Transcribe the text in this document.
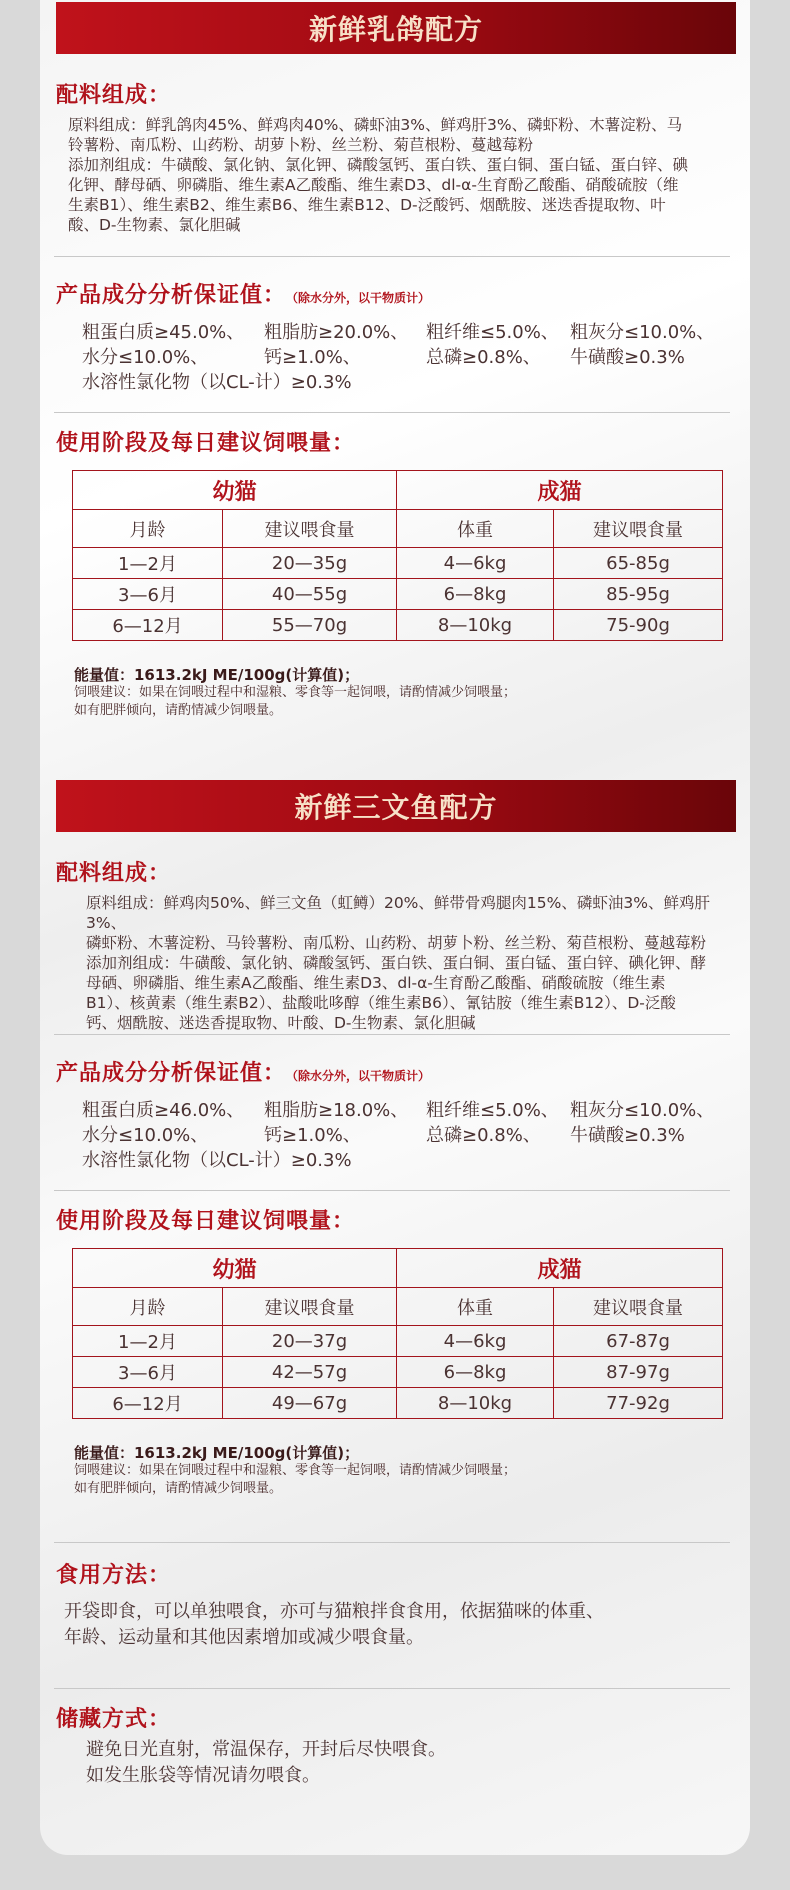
新鲜乳鸽配方
配料组成：

原料组成：鲜乳鸽肉45%、鲜鸡肉40%、磷虾油3%、鲜鸡肝3%、磷虾粉、木薯淀粉、马

铃薯粉、南瓜粉、山药粉、胡萝卜粉、丝兰粉、菊苣根粉、蔓越莓粉

添加剂组成：牛磺酸、氯化钠、氯化钾、磷酸氢钙、蛋白铁、蛋白铜、蛋白锰、蛋白锌、碘

化钾、酵母硒、卵磷脂、维生素A乙酸酯、维生素D3、dl-α-生育酚乙酸酯、硝酸硫胺（维

生素B1）、维生素B2、维生素B6、维生素B12、D-泛酸钙、烟酰胺、迷迭香提取物、叶

酸、D-生物素、氯化胆碱

产品成分分析保证值： （除水分外，以干物质计）
粗蛋白质≥45.0%、 粗脂肪≥20.0%、 粗纤维≤5.0%、 粗灰分≤10.0%、
水分≤10.0%、	钙≥1.0%、	总磷≥0.8%、 牛磺酸≥0.3%
水溶性氯化物（以CL-计）≥0.3%
使用阶段及每日建议饲喂量：
幼猫		成猫	
月龄	建议喂食量	体重	建议喂食量
1—2月	20—35g	4—6kg	65-85g
3—6月	40—55g	6—8kg	85-95g
6—12月	55—70g	8—10kg	75-90g
能量值：1613.2kJ ME/100g(计算值)；
饲喂建议：如果在饲喂过程中和湿粮、零食等一起饲喂，请酌情减少饲喂量；
如有肥胖倾向，请酌情减少饲喂量。
新鲜三文鱼配方
配料组成：

原料组成：鲜鸡肉50%、鲜三文鱼（虹鳟）20%、鲜带骨鸡腿肉15%、磷虾油3%、鲜鸡肝3%、

磷虾粉、木薯淀粉、马铃薯粉、南瓜粉、山药粉、胡萝卜粉、丝兰粉、菊苣根粉、蔓越莓粉

添加剂组成：牛磺酸、氯化钠、磷酸氢钙、蛋白铁、蛋白铜、蛋白锰、蛋白锌、碘化钾、酵

母硒、卵磷脂、维生素A乙酸酯、维生素D3、dl-α-生育酚乙酸酯、硝酸硫胺（维生素

B1）、核黄素（维生素B2）、盐酸吡哆醇（维生素B6）、氰钴胺（维生素B12）、D-泛酸

钙、烟酰胺、迷迭香提取物、叶酸、D-生物素、氯化胆碱

产品成分分析保证值： （除水分外，以干物质计）
粗蛋白质≥46.0%、 粗脂肪≥18.0%、 粗纤维≤5.0%、 粗灰分≤10.0%、
水分≤10.0%、	钙≥1.0%、	总磷≥0.8%、 牛磺酸≥0.3%
水溶性氯化物（以CL-计）≥0.3%
使用阶段及每日建议饲喂量：
幼猫		成猫	
月龄	建议喂食量	体重	建议喂食量
1—2月	20—37g	4—6kg	67-87g
3—6月	42—57g	6—8kg	87-97g
6—12月	49—67g	8—10kg	77-92g
能量值：1613.2kJ ME/100g(计算值)；
饲喂建议：如果在饲喂过程中和湿粮、零食等一起饲喂，请酌情减少饲喂量；
如有肥胖倾向，请酌情减少饲喂量。
食用方法：
开袋即食，可以单独喂食，亦可与猫粮拌食食用，依据猫咪的体重、
年龄、运动量和其他因素增加或减少喂食量。
储藏方式：
避免日光直射，常温保存，开封后尽快喂食。
如发生胀袋等情况请勿喂食。
